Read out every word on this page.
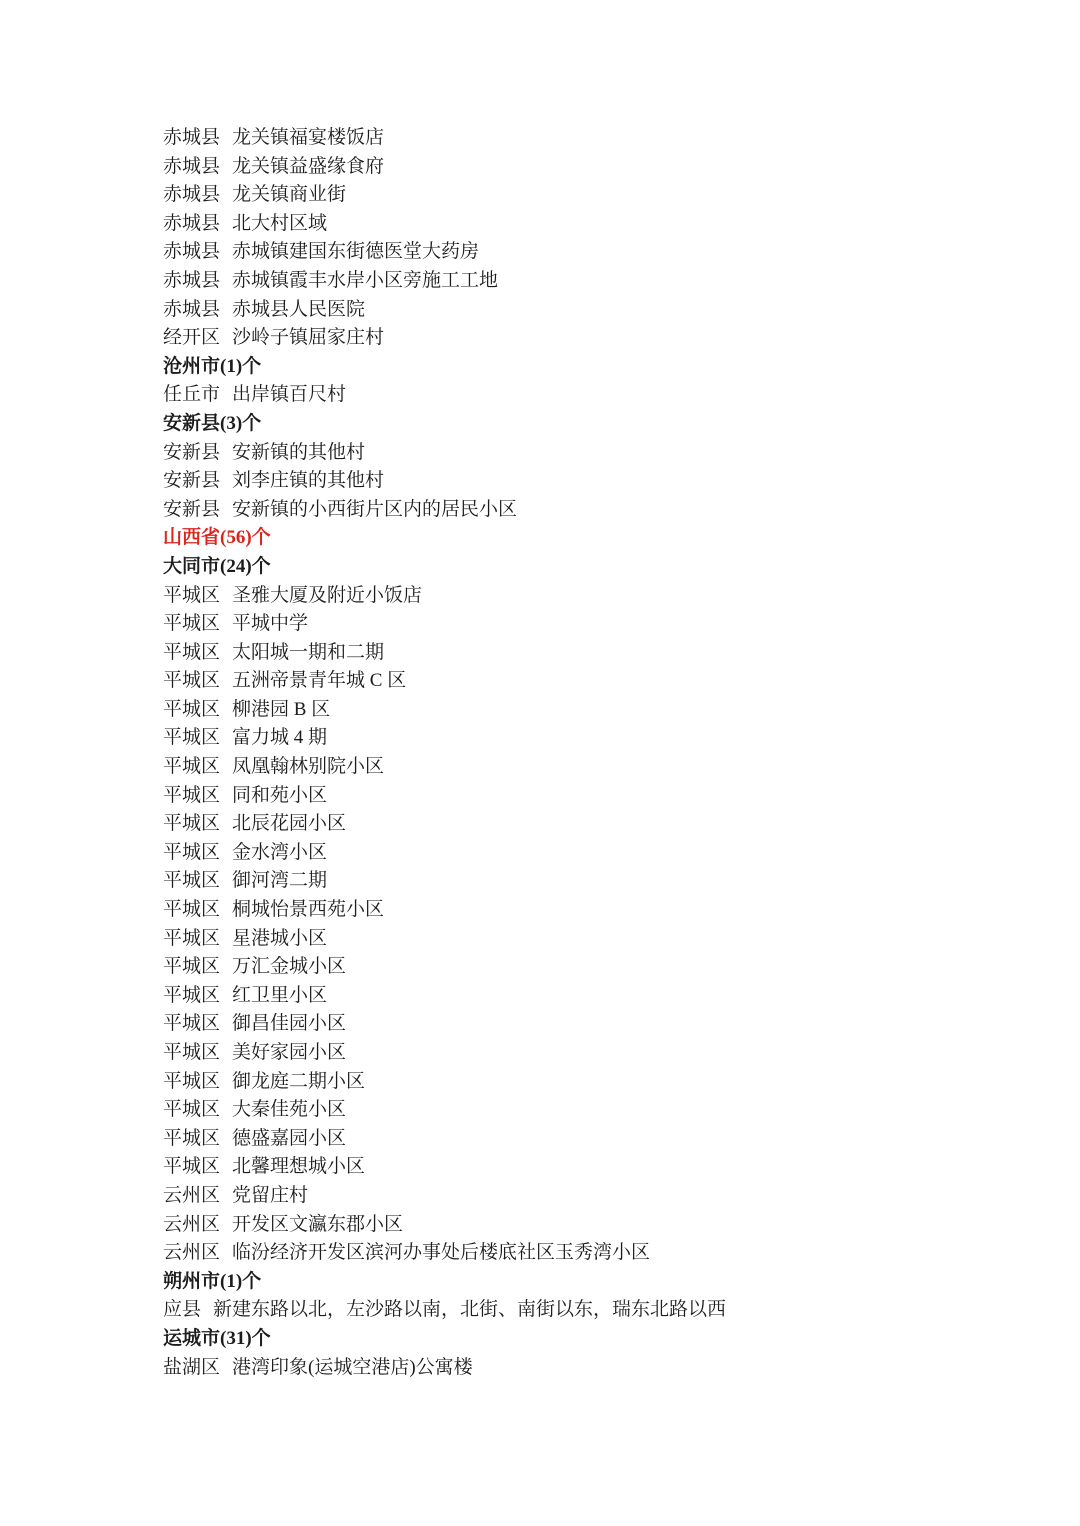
赤城县 龙关镇福宴楼饭店
赤城县 龙关镇益盛缘食府
赤城县 龙关镇商业街
赤城县 北大村区域
赤城县 赤城镇建国东街德医堂大药房
赤城县 赤城镇霞丰水岸小区旁施工工地
赤城县 赤城县人民医院
经开区 沙岭子镇屈家庄村
沧州市(1)个
任丘市 出岸镇百尺村
安新县(3)个
安新县 安新镇的其他村
安新县 刘李庄镇的其他村
安新县 安新镇的小西街片区内的居民小区
山西省(56)个
大同市(24)个
平城区 圣雅大厦及附近小饭店
平城区 平城中学
平城区 太阳城一期和二期
平城区 五洲帝景青年城 C 区
平城区 柳港园 B 区
平城区 富力城 4 期
平城区 凤凰翰林别院小区
平城区 同和苑小区
平城区 北辰花园小区
平城区 金水湾小区
平城区 御河湾二期
平城区 桐城怡景西苑小区
平城区 星港城小区
平城区 万汇金城小区
平城区 红卫里小区
平城区 御昌佳园小区
平城区 美好家园小区
平城区 御龙庭二期小区
平城区 大秦佳苑小区
平城区 德盛嘉园小区
平城区 北馨理想城小区
云州区 党留庄村
云州区 开发区文瀛东郡小区
云州区 临汾经济开发区滨河办事处后楼底社区玉秀湾小区
朔州市(1)个
应县 新建东路以北，左沙路以南，北街、南街以东，瑞东北路以西
运城市(31)个
盐湖区 港湾印象(运城空港店)公寓楼
